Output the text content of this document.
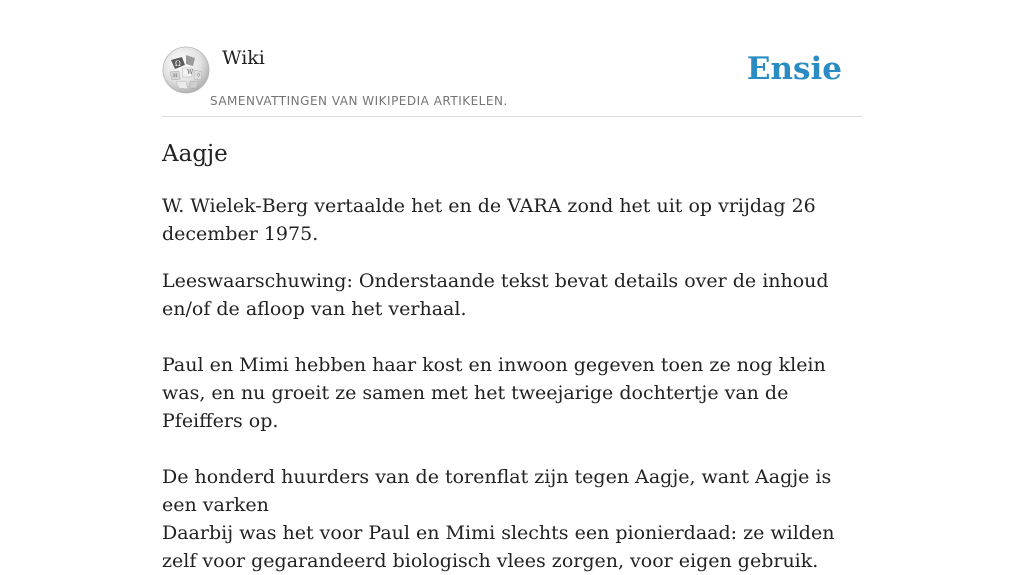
Ω
W
И	ウ
Wiki
SAMENVATTINGEN VAN WIKIPEDIA ARTIKELEN.
Ensie
Aagje

W. Wielek-Berg vertaalde het en de VARA zond het uit op vrijdag 26 december 1975.

Leeswaarschuwing: Onderstaande tekst bevat details over de inhoud en/of de afloop van het verhaal.

Paul en Mimi hebben haar kost en inwoon gegeven toen ze nog klein was, en nu groeit ze samen met het tweejarige dochtertje van de Pfeiffers op.

De honderd huurders van de torenflat zijn tegen Aagje, want Aagje is een varken
Daarbij was het voor Paul en Mimi slechts een pionierdaad: ze wilden zelf voor gegarandeerd biologisch vlees zorgen, voor eigen gebruik.
